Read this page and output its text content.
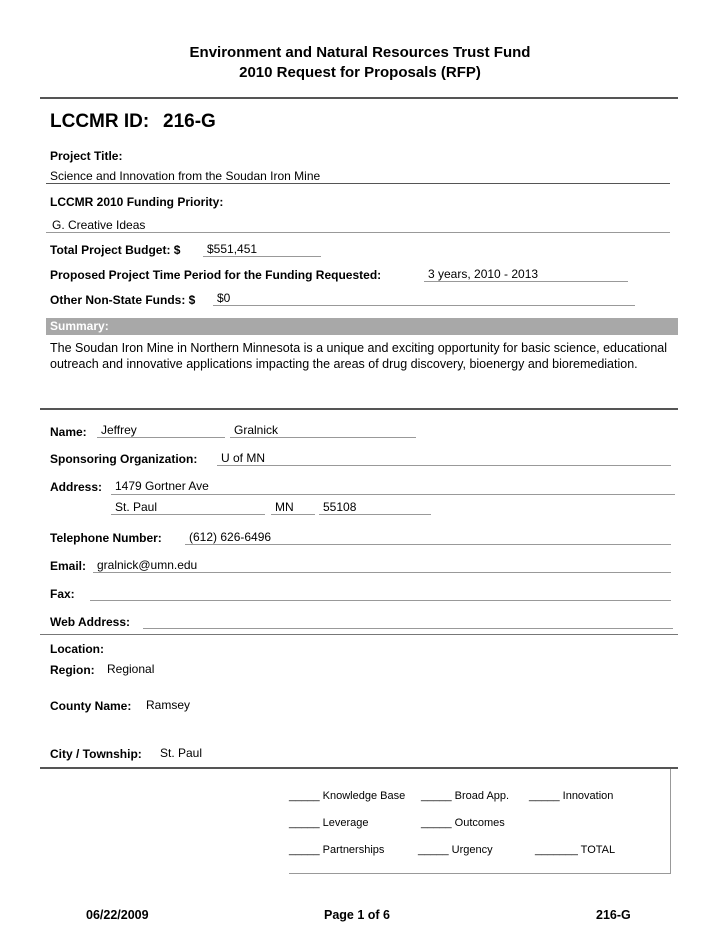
Environment and Natural Resources Trust Fund
2010 Request for Proposals (RFP)
LCCMR ID: 216-G
Project Title:
Science and Innovation from the Soudan Iron Mine
LCCMR 2010 Funding Priority:
G. Creative Ideas
Total Project Budget: $ $551,451
Proposed Project Time Period for the Funding Requested:	3 years, 2010 - 2013
Other Non-State Funds: $ $0
Summary:
The Soudan Iron Mine in Northern Minnesota is a unique and exciting opportunity for basic science, educational outreach and innovative applications impacting the areas of drug discovery, bioenergy and bioremediation.
Name: Jeffrey	Gralnick
Sponsoring Organization: U of MN
Address: 1479 Gortner Ave
St. Paul	MN 55108
Telephone Number: (612) 626-6496
Email: gralnick@umn.edu
Fax:
Web Address:
Location:
Region: Regional
County Name: Ramsey
City / Township: St. Paul
_____ Knowledge Base _____ Broad App. _____ Innovation
_____ Leverage	_____ Outcomes
_____ Partnerships	_____ Urgency	_______ TOTAL
06/22/2009	Page 1 of 6	216-G
